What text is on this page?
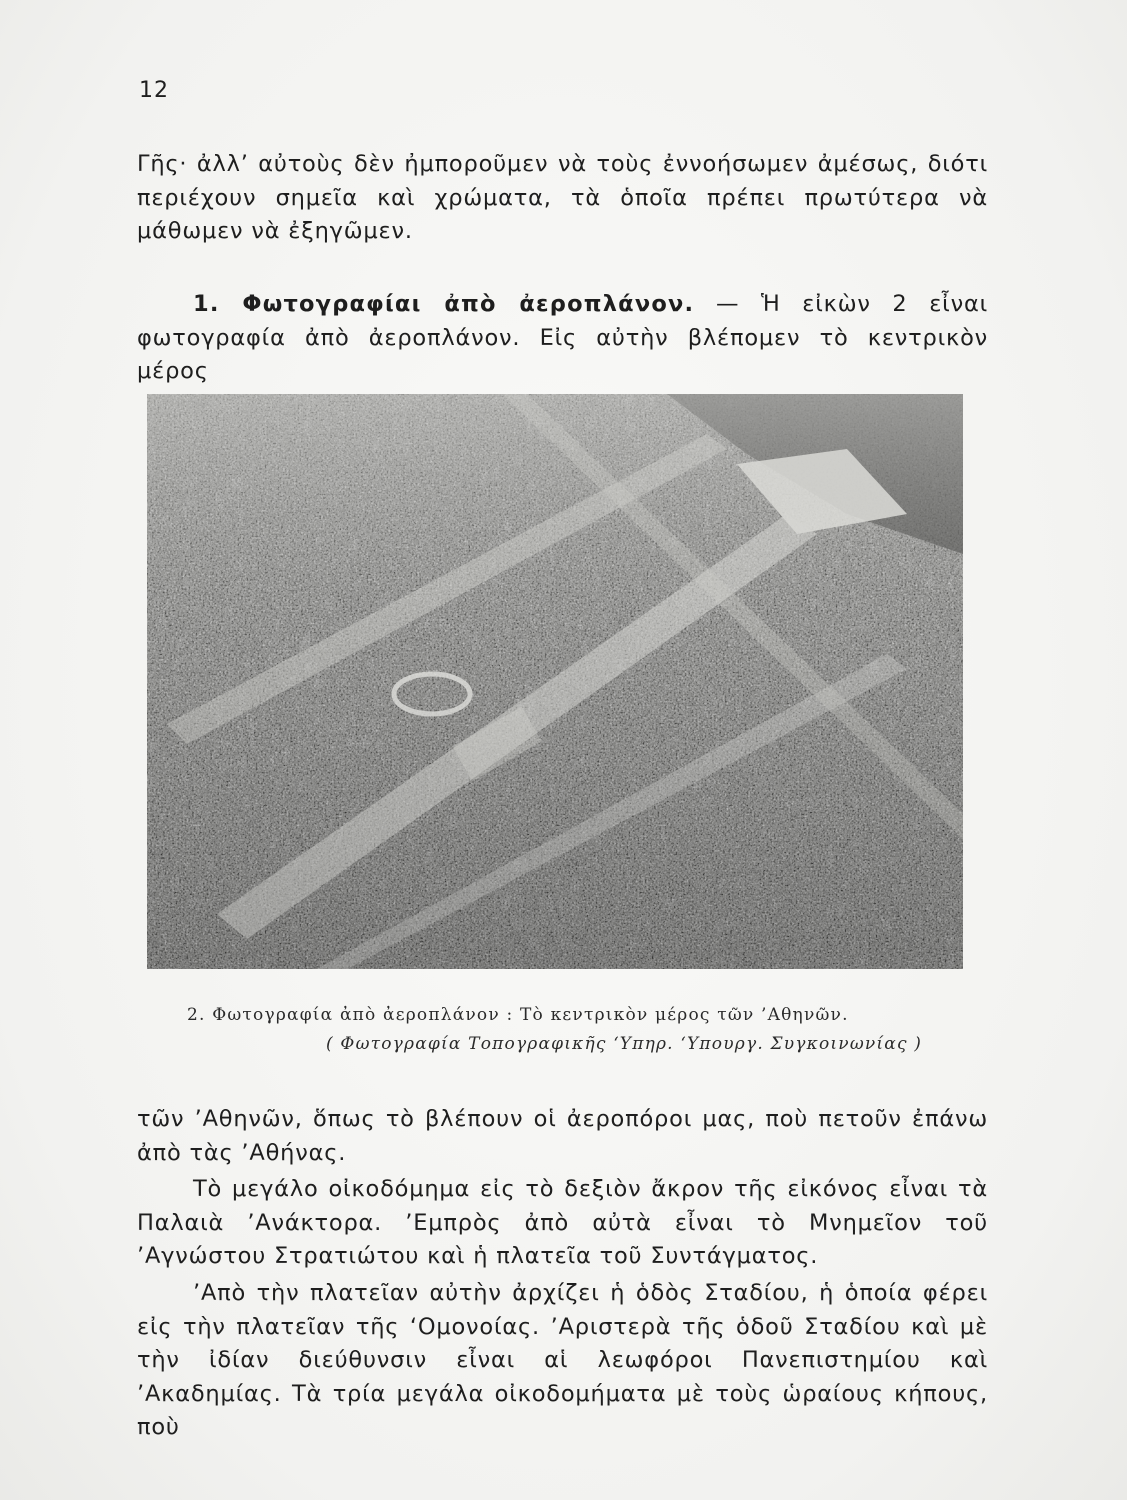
12

Γῆς· ἀλλ’ αὐτοὺς δὲν ἠμποροῦμεν νὰ τοὺς ἐννοήσωμεν ἀμέσως, διότι περιέχουν σημεῖα καὶ χρώματα, τὰ ὁποῖα πρέπει πρωτύτερα νὰ μάθωμεν νὰ ἐξηγῶμεν.

1. Φωτογραφίαι ἀπὸ ἀεροπλάνον. — Ἡ εἰκὼν 2 εἶναι φωτογραφία ἀπὸ ἀεροπλάνον. Εἰς αὐτὴν βλέπομεν τὸ κεντρικὸν μέρος

2. Φωτογραφία ἀπὸ ἀεροπλάνον : Τὸ κεντρικὸν μέρος τῶν ’Αθηνῶν.
( Φωτογραφία Τοπογραφικῆς ‘Υπηρ. ‘Υπουργ. Συγκοινωνίας )

τῶν ’Αθηνῶν, ὅπως τὸ βλέπουν οἱ ἀεροπόροι μας, ποὺ πετοῦν ἐπάνω ἀπὸ τὰς ’Αθήνας.

Τὸ μεγάλο οἰκοδόμημα εἰς τὸ δεξιὸν ἄκρον τῆς εἰκόνος εἶναι τὰ Παλαιὰ ’Ανάκτορα. ’Εμπρὸς ἀπὸ αὐτὰ εἶναι τὸ Μνημεῖον τοῦ ’Αγνώστου Στρατιώτου καὶ ἡ πλατεῖα τοῦ Συντάγματος.

’Απὸ τὴν πλατεῖαν αὐτὴν ἀρχίζει ἡ ὁδὸς Σταδίου, ἡ ὁποία φέρει εἰς τὴν πλατεῖαν τῆς ‘Ομονοίας. ’Αριστερὰ τῆς ὁδοῦ Σταδίου καὶ μὲ τὴν ἰδίαν διεύθυνσιν εἶναι αἱ λεωφόροι Πανεπιστημίου καὶ ’Ακαδημίας. Τὰ τρία μεγάλα οἰκοδομήματα μὲ τοὺς ὡραίους κήπους, ποὺ
